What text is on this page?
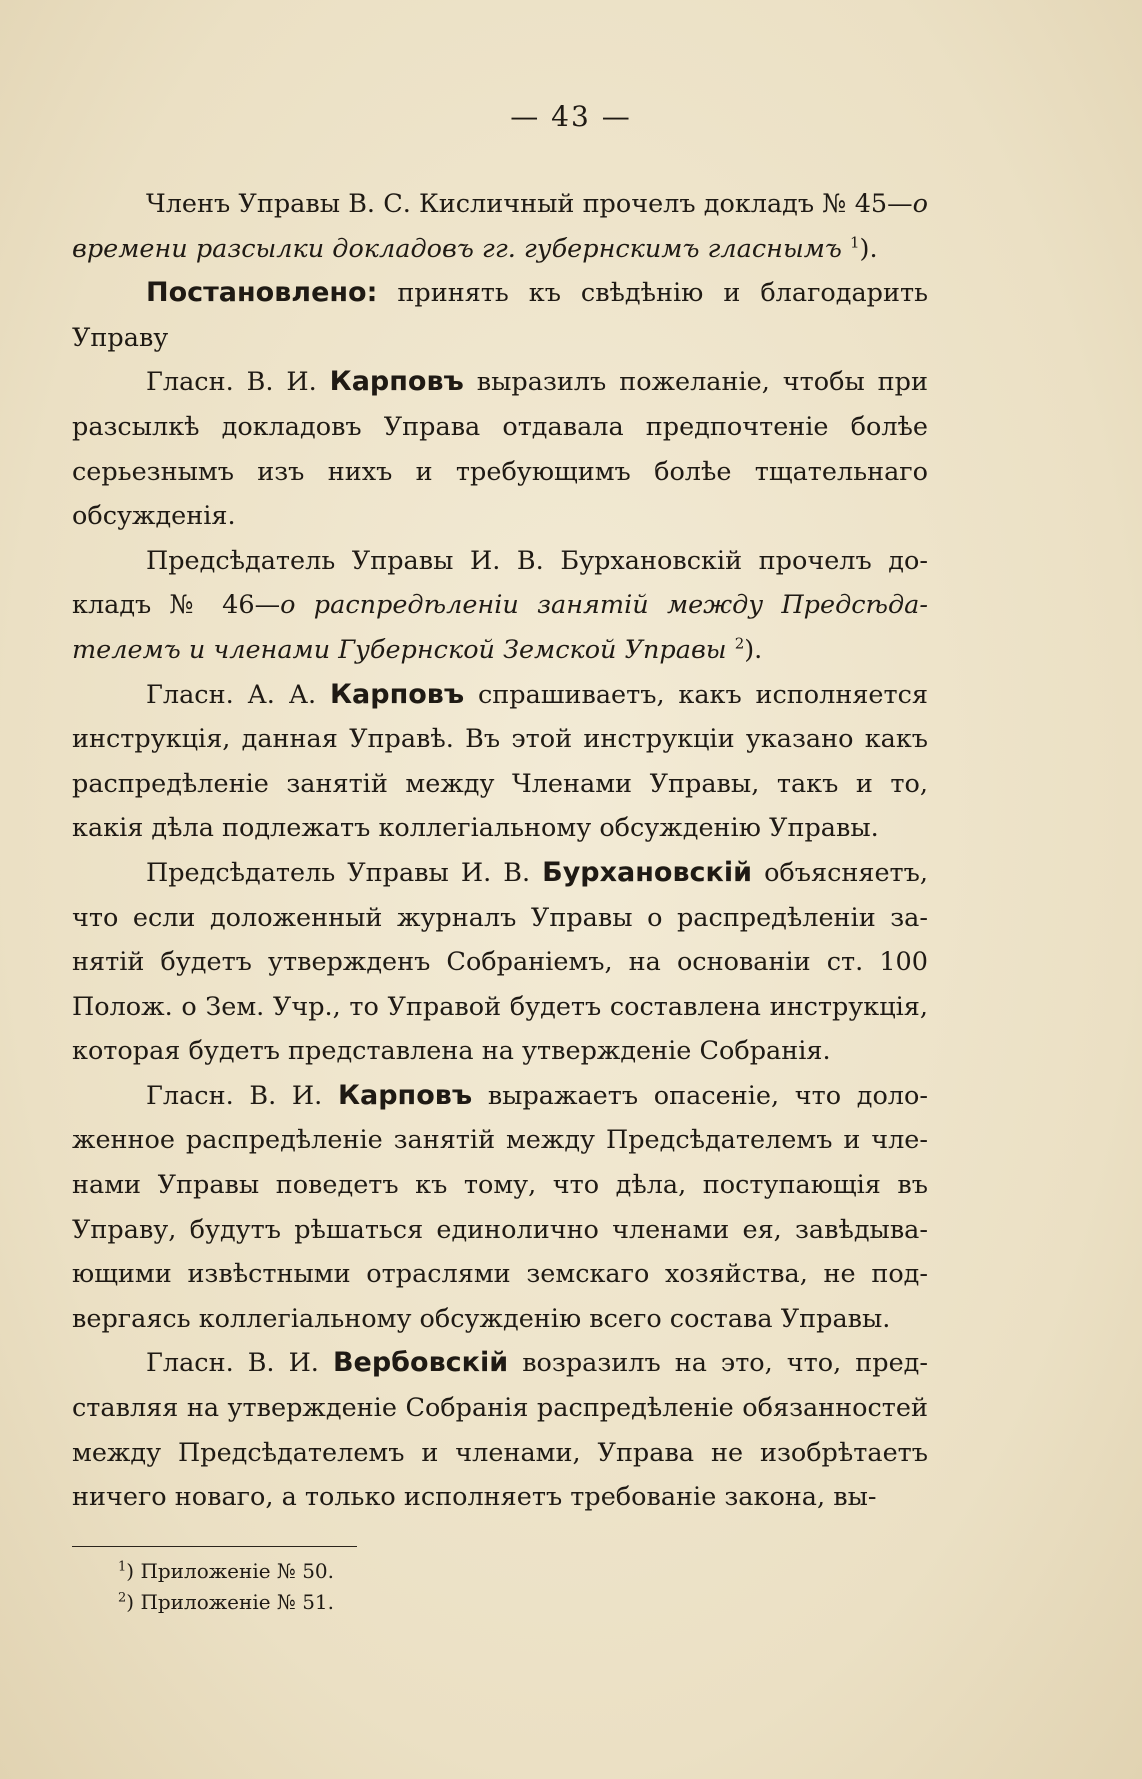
— 43 —

Членъ Управы В. С. Кисличный прочелъ докладъ № 45—о времени разсылки докладовъ гг. губернскимъ гласнымъ $^1$).

Постановлено: принять къ свѣдѣнію и благодарить Управу

Гласн. В. И. Карповъ выразилъ пожеланіе, чтобы при разсылкѣ докладовъ Управа отдавала предпочтеніе болѣе серьезнымъ изъ нихъ и требующимъ болѣе тщательнаго обсужденія.

Предсѣдатель Управы И. В. Бурхановскій прочелъ докладъ № 46—о распредѣленіи занятій между Предсѣдателемъ и членами Губернской Земской Управы $^2$).

Гласн. А. А. Карповъ спрашиваетъ, какъ исполняется инструкція, данная Управѣ. Въ этой инструкціи указано какъ распредѣленіе занятій между Членами Управы, такъ и то, какія дѣла подлежатъ коллегіальному обсужденію Управы.

Предсѣдатель Управы И. В. Бурхановскій объясняетъ, что если доложенный журналъ Управы о распредѣленіи занятій будетъ утвержденъ Собраніемъ, на основаніи ст. 100 Полож. о Зем. Учр., то Управой будетъ составлена инструкція, которая будетъ представлена на утвержденіе Собранія.

Гласн. В. И. Карповъ выражаетъ опасеніе, что доложенное распредѣленіе занятій между Предсѣдателемъ и членами Управы поведетъ къ тому, что дѣла, поступающія въ Управу, будутъ рѣшаться единолично членами ея, завѣдывающими извѣстными отраслями земскаго хозяйства, не подвергаясь коллегіальному обсужденію всего состава Управы.

Гласн. В. И. Вербовскій возразилъ на это, что, представляя на утвержденіе Собранія распредѣленіе обязанностей между Предсѣдателемъ и членами, Управа не изобрѣтаетъ ничего новаго, а только исполняетъ требованіе закона, вы-

$^1$) Приложеніе № 50.

$^2$) Приложеніе № 51.
